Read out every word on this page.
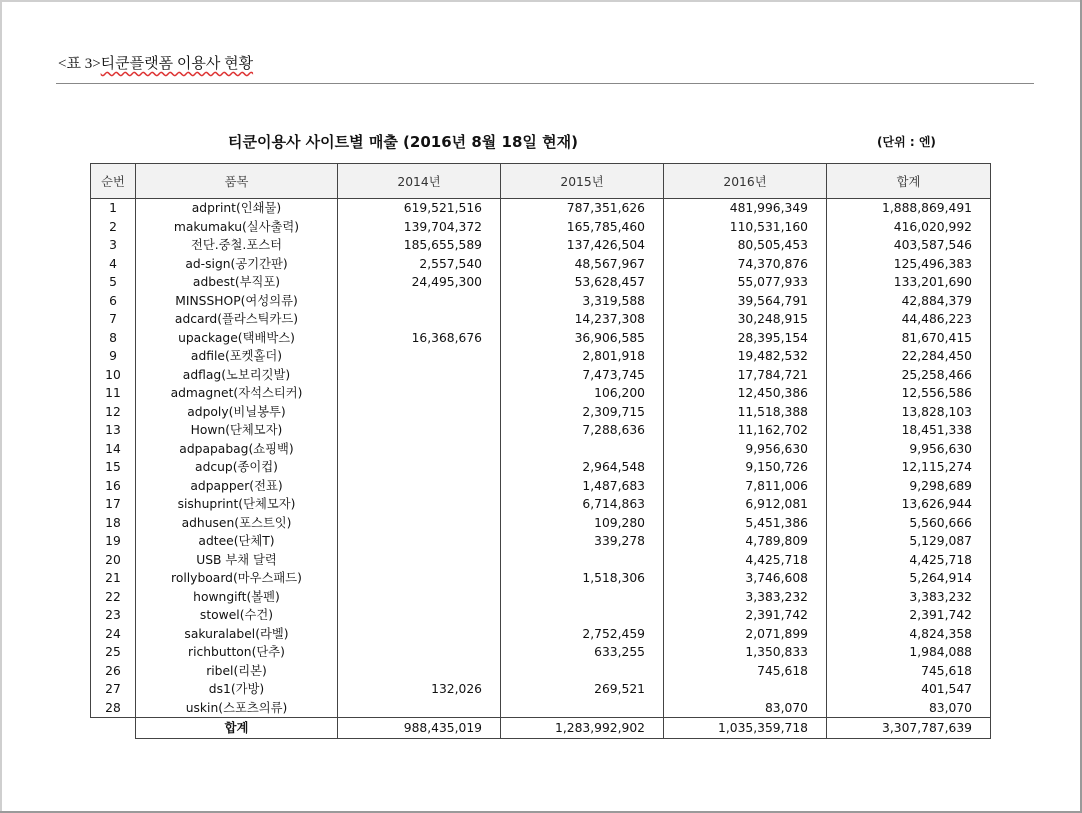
<표 3>티쿤플랫폼 이용사 현황
티쿤이용사 사이트별 매출 (2016년 8월 18일 현재)	(단위 : 엔)
순번	품목	2014년	2015년	2016년	합계
1	adprint(인쇄물)	619,521,516	787,351,626	481,996,349	1,888,869,491
2	makumaku(실사출력)	139,704,372	165,785,460	110,531,160	416,020,992
3	전단.중철.포스터	185,655,589	137,426,504	80,505,453	403,587,546
4	ad-sign(공기간판)	2,557,540	48,567,967	74,370,876	125,496,383
5	adbest(부직포)	24,495,300	53,628,457	55,077,933	133,201,690
6	MINSSHOP(여성의류)		3,319,588	39,564,791	42,884,379
7	adcard(플라스틱카드)		14,237,308	30,248,915	44,486,223
8	upackage(택배박스)	16,368,676	36,906,585	28,395,154	81,670,415
9	adfile(포켓홀더)		2,801,918	19,482,532	22,284,450
10	adflag(노보리깃발)		7,473,745	17,784,721	25,258,466
11	admagnet(자석스티커)		106,200	12,450,386	12,556,586
12	adpoly(비닐봉투)		2,309,715	11,518,388	13,828,103
13	Hown(단체모자)		7,288,636	11,162,702	18,451,338
14	adpapabag(쇼핑백)			9,956,630	9,956,630
15	adcup(종이컵)		2,964,548	9,150,726	12,115,274
16	adpapper(전표)		1,487,683	7,811,006	9,298,689
17	sishuprint(단체모자)		6,714,863	6,912,081	13,626,944
18	adhusen(포스트잇)		109,280	5,451,386	5,560,666
19	adtee(단체T)		339,278	4,789,809	5,129,087
20	USB 부채 달력			4,425,718	4,425,718
21	rollyboard(마우스패드)		1,518,306	3,746,608	5,264,914
22	howngift(볼펜)			3,383,232	3,383,232
23	stowel(수건)			2,391,742	2,391,742
24	sakuralabel(라벨)		2,752,459	2,071,899	4,824,358
25	richbutton(단추)		633,255	1,350,833	1,984,088
26	ribel(리본)			745,618	745,618
27	ds1(가방)	132,026	269,521		401,547
28	uskin(스포츠의류)			83,070	83,070
	합계	988,435,019	1,283,992,902	1,035,359,718	3,307,787,639
